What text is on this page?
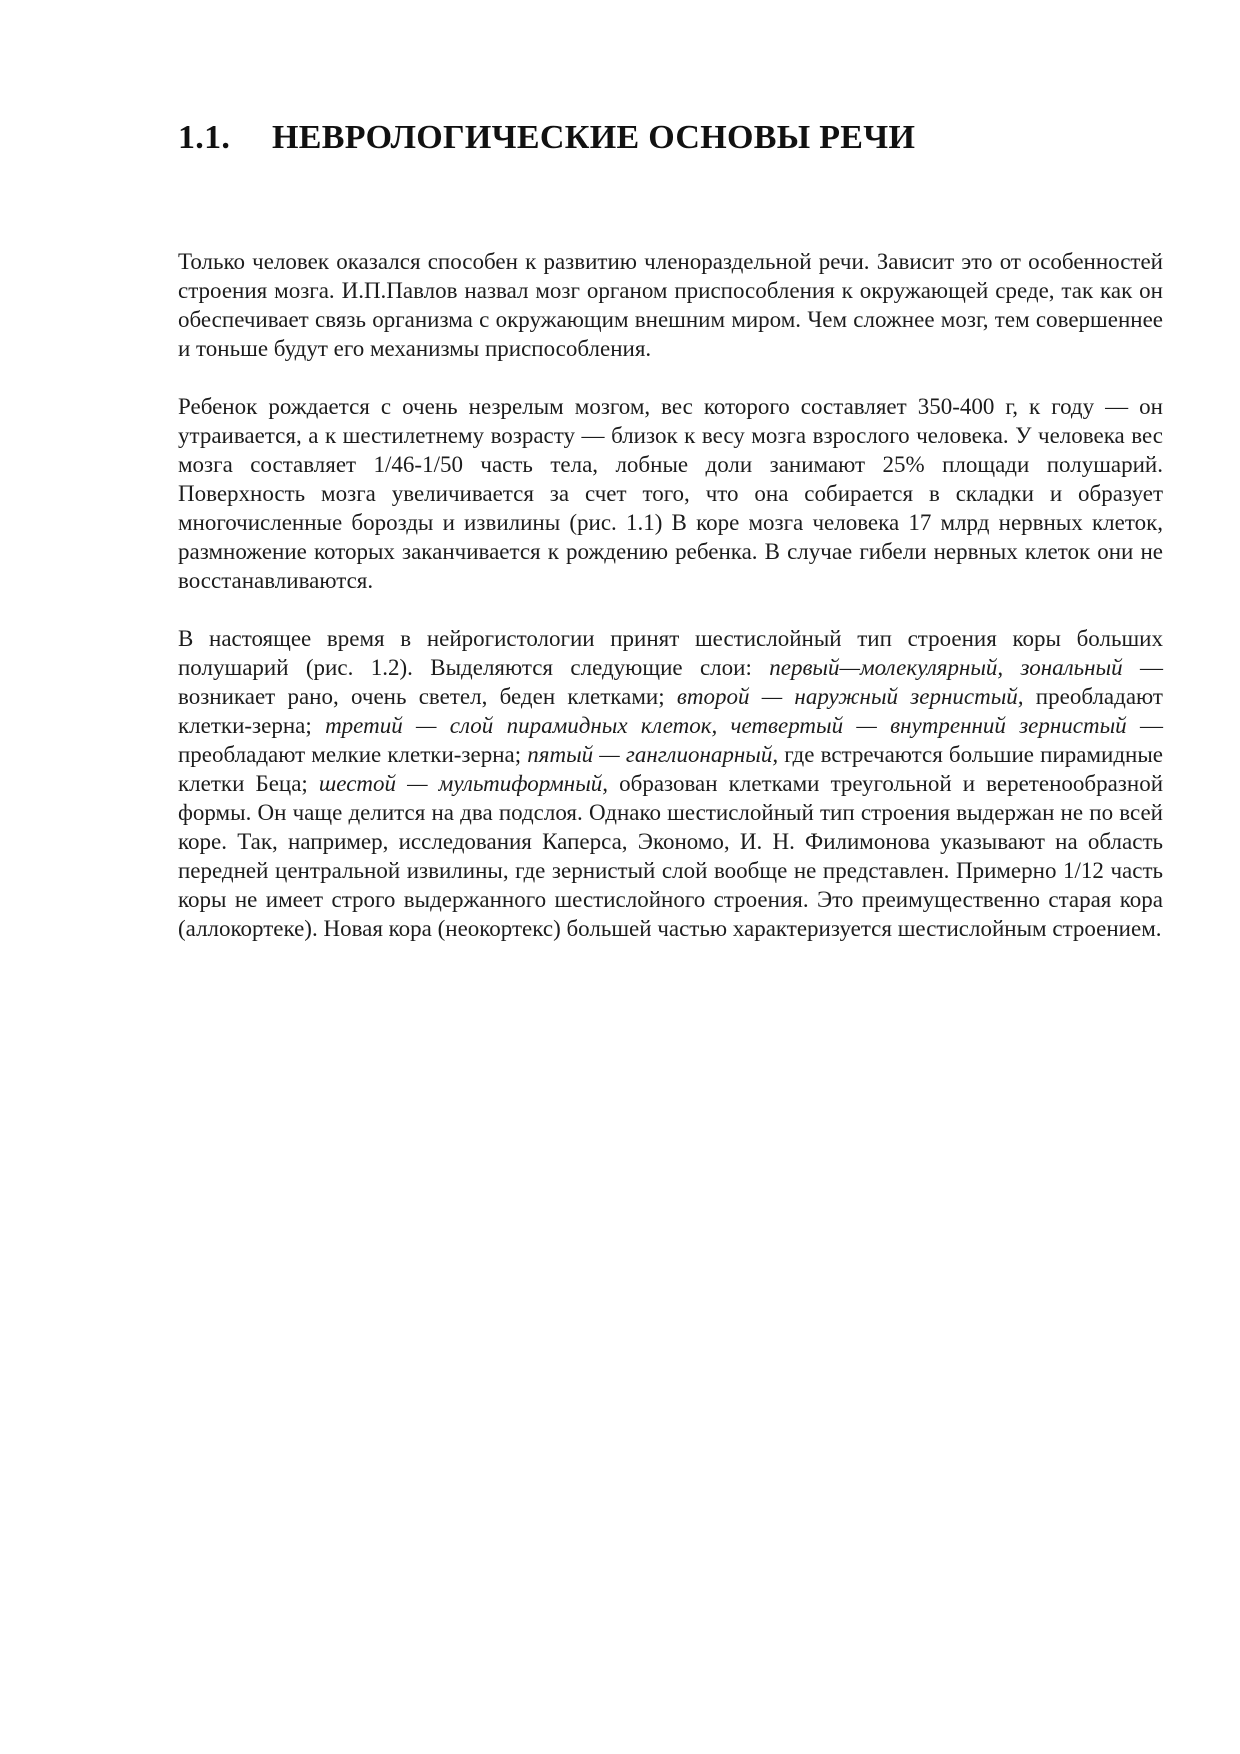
1.1. НЕВРОЛОГИЧЕСКИЕ ОСНОВЫ РЕЧИ

Только человек оказался способен к развитию членораздельной речи. Зависит это от особенностей строения мозга. И.П.Павлов назвал мозг органом приспособления к окружающей среде, так как он обеспечивает связь организма с окружающим внешним миром. Чем сложнее мозг, тем совершеннее и тоньше будут его механизмы приспособления.

Ребенок рождается с очень незрелым мозгом, вес которого составляет 350-400 г, к году — он утраивается, а к шестилетнему возрасту — близок к весу мозга взрослого человека. У человека вес мозга составляет 1/46-1/50 часть тела, лобные доли занимают 25% площади полушарий. Поверхность мозга увеличивается за счет того, что она собирается в складки и образует многочисленные борозды и извилины (рис. 1.1) В коре мозга человека 17 млрд нервных клеток, размножение которых заканчивается к рождению ребенка. В случае гибели нервных клеток они не восстанавливаются.

В настоящее время в нейрогистологии принят шестислойный тип строения коры больших полушарий (рис. 1.2). Выделяются следующие слои: первый—молекулярный, зональный — возникает рано, очень светел, беден клетками; второй — наружный зернистый, преобладают клетки-зерна; третий — слой пирамидных клеток, четвертый — внутренний зернистый — преобладают мелкие клетки-зерна; пятый — ганглионарный, где встречаются большие пирамидные клетки Беца; шестой — мультиформный, образован клетками треугольной и веретенообразной формы. Он чаще делится на два подслоя. Однако шестислойный тип строения выдержан не по всей коре. Так, например, исследования Каперса, Экономо, И. Н. Филимонова указывают на область передней центральной извилины, где зернистый слой вообще не представлен. Примерно 1/12 часть коры не имеет строго выдержанного шестислойного строения. Это преимущественно старая кора (аллокортеке). Новая кора (неокортекс) большей частью характеризуется шестислойным строением.
